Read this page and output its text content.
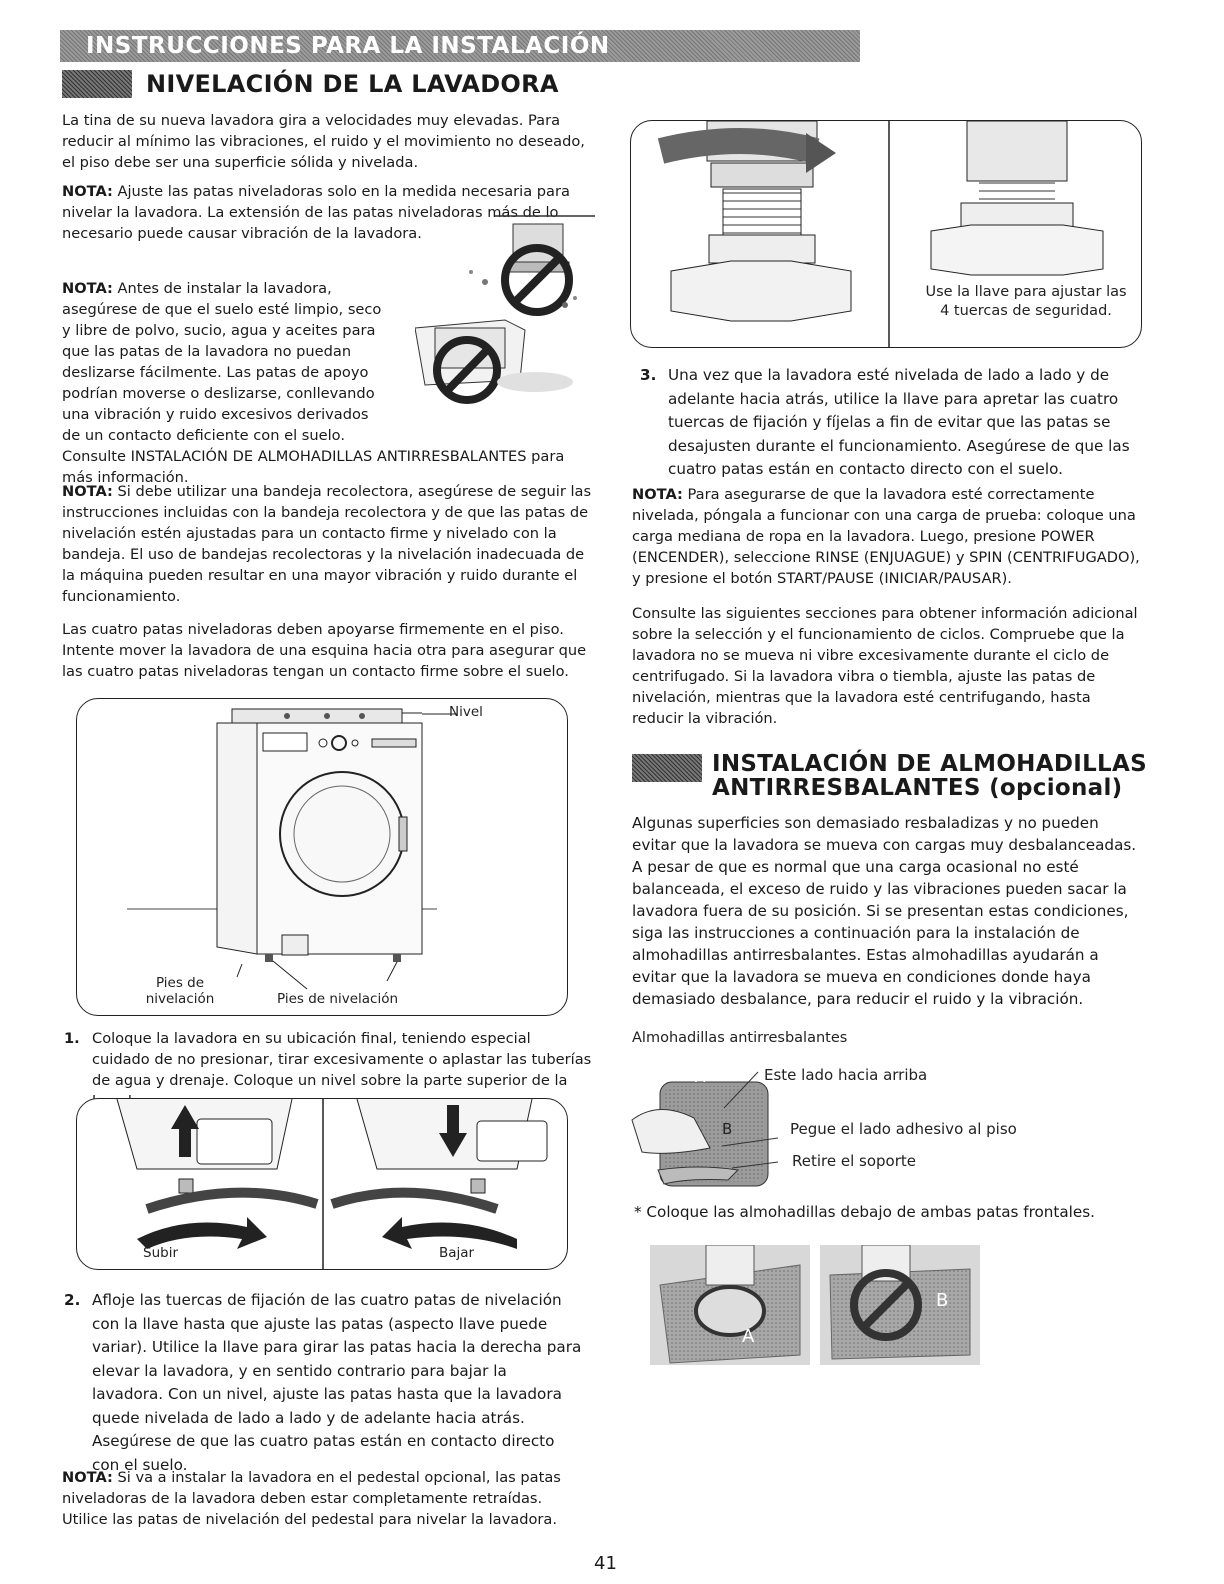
INSTRUCCIONES PARA LA INSTALACIÓN
NIVELACIÓN DE LA LAVADORA

La tina de su nueva lavadora gira a velocidades muy elevadas. Para reducir al mínimo las vibraciones, el ruido y el movimiento no deseado, el piso debe ser una superficie sólida y nivelada.

NOTA: Ajuste las patas niveladoras solo en la medida necesaria para nivelar la lavadora. La extensión de las patas niveladoras más de lo necesario puede causar vibración de la lavadora.

NOTA: Antes de instalar la lavadora, asegúrese de que el suelo esté limpio, seco y libre de polvo, sucio, agua y aceites para que las patas de la lavadora no puedan deslizarse fácilmente. Las patas de apoyo podrían moverse o deslizarse, conllevando una vibración y ruido excesivos derivados de un contacto deficiente con el suelo. Consulte INSTALACIÓN DE ALMOHADILLAS ANTIRRESBALANTES para más información.

NOTA: Si debe utilizar una bandeja recolectora, asegúrese de seguir las instrucciones incluidas con la bandeja recolectora y de que las patas de nivelación estén ajustadas para un contacto firme y nivelado con la bandeja. El uso de bandejas recolectoras y la nivelación inadecuada de la máquina pueden resultar en una mayor vibración y ruido durante el funcionamiento.

Las cuatro patas niveladoras deben apoyarse firmemente en el piso. Intente mover la lavadora de una esquina hacia otra para asegurar que las cuatro patas niveladoras tengan un contacto firme sobre el suelo.

Nivel
Pies de nivelación	Pies de nivelación
1. Coloque la lavadora en su ubicación final, teniendo especial cuidado de no presionar, tirar excesivamente o aplastar las tuberías de agua y drenaje. Coloque un nivel sobre la parte superior de la
Subir	Bajar
2. Afloje las tuercas de fijación de las cuatro patas de nivelación con la llave hasta que ajuste las patas (aspecto llave puede variar). Utilice la llave para girar las patas hacia la derecha para elevar la lavadora, y en sentido contrario para bajar la lavadora. Con un nivel, ajuste las patas hasta que la lavadora quede nivelada de lado a lado y de adelante hacia atrás. Asegúrese de que las cuatro patas están en contacto directo con el suelo.

NOTA: Si va a instalar la lavadora en el pedestal opcional, las patas niveladoras de la lavadora deben estar completamente retraídas. Utilice las patas de nivelación del pedestal para nivelar la lavadora.

Use la llave para ajustar las 4 tuercas de seguridad.
3. Una vez que la lavadora esté nivelada de lado a lado y de adelante hacia atrás, utilice la llave para apretar las cuatro tuercas de fijación y fíjelas a fin de evitar que las patas se desajusten durante el funcionamiento. Asegúrese de que las cuatro patas están en contacto directo con el suelo.

NOTA: Para asegurarse de que la lavadora esté correctamente nivelada, póngala a funcionar con una carga de prueba: coloque una carga mediana de ropa en la lavadora. Luego, presione POWER (ENCENDER), seleccione RINSE (ENJUAGUE) y SPIN (CENTRIFUGADO), y presione el botón START/PAUSE (INICIAR/PAUSAR).

Consulte las siguientes secciones para obtener información adicional sobre la selección y el funcionamiento de ciclos. Compruebe que la lavadora no se mueva ni vibre excesivamente durante el ciclo de centrifugado. Si la lavadora vibra o tiembla, ajuste las patas de nivelación, mientras que la lavadora esté centrifugando, hasta reducir la vibración.

INSTALACIÓN DE ALMOHADILLAS
ANTIRRESBALANTES (opcional)

Algunas superficies son demasiado resbaladizas y no pueden evitar que la lavadora se mueva con cargas muy desbalanceadas. A pesar de que es normal que una carga ocasional no esté balanceada, el exceso de ruido y las vibraciones pueden sacar la lavadora fuera de su posición. Si se presentan estas condiciones, siga las instrucciones a continuación para la instalación de almohadillas antirresbalantes. Estas almohadillas ayudarán a evitar que la lavadora se mueva en condiciones donde haya demasiado desbalance, para reducir el ruido y la vibración.

Almohadillas antirresbalantes
A
B
Este lado hacia arriba
Pegue el lado adhesivo al piso
Retire el soporte
* Coloque las almohadillas debajo de ambas patas frontales.
A
B
41
